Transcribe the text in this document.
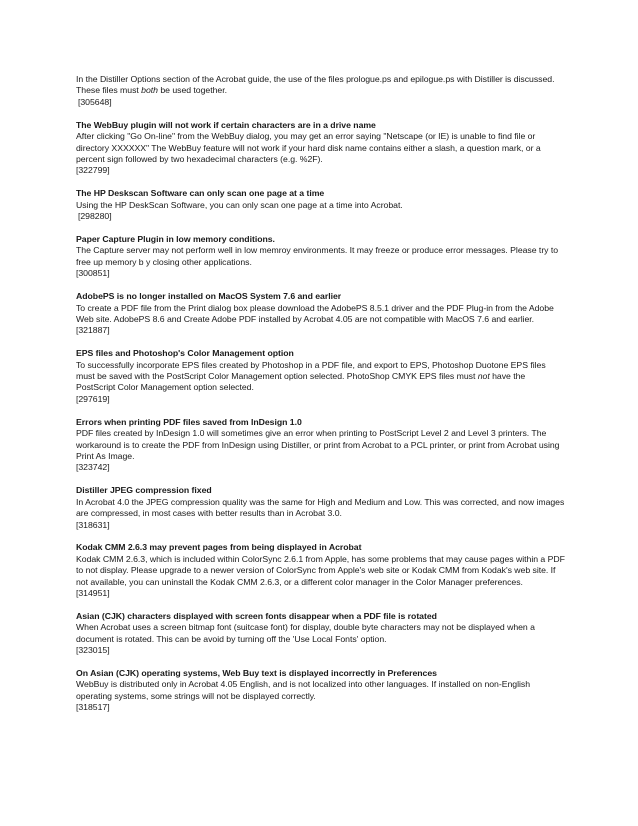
In the Distiller Options section of the Acrobat guide, the use of the files prologue.ps and epilogue.ps with Distiller is discussed. These files must both be used together.
[305648]
The WebBuy plugin will not work if certain characters are in a drive name
After clicking "Go On-line" from the WebBuy dialog, you may get an error saying "Netscape (or IE) is unable to find file or directory XXXXXX" The WebBuy feature will not work if your hard disk name contains either a slash, a question mark, or a percent sign followed by two hexadecimal characters (e.g. %2F).
[322799]
The HP Deskscan Software can only scan one page at a time
Using the HP DeskScan Software, you can only scan one page at a time into Acrobat.
[298280]
Paper Capture Plugin in low memory conditions.
The Capture server may not perform well in low memroy environments. It may freeze or produce error messages. Please try to free up memory b y closing other applications.
[300851]
AdobePS is no longer installed on MacOS System 7.6 and earlier
To create a PDF file from the Print dialog box please download the AdobePS 8.5.1 driver and the PDF Plug-in from the Adobe Web site. AdobePS 8.6 and Create Adobe PDF installed by Acrobat 4.05 are not compatible with MacOS 7.6 and earlier.
[321887]
EPS files and Photoshop's Color Management option
To successfully incorporate EPS files created by Photoshop in a PDF file, and export to EPS, Photoshop Duotone EPS files must be saved with the PostScript Color Management option selected. PhotoShop CMYK EPS files must not have the PostScript Color Management option selected.
[297619]
Errors when printing PDF files saved from InDesign 1.0
PDF files created by InDesign 1.0 will sometimes give an error when printing to PostScript Level 2 and Level 3 printers. The workaround is to create the PDF from InDesign using Distiller, or print from Acrobat to a PCL printer, or print from Acrobat using Print As Image.
[323742]
Distiller JPEG compression fixed
In Acrobat 4.0 the JPEG compression quality was the same for High and Medium and Low. This was corrected, and now images are compressed, in most cases with better results than in Acrobat 3.0.
[318631]
Kodak CMM 2.6.3 may prevent pages from being displayed in Acrobat
Kodak CMM 2.6.3, which is included within ColorSync 2.6.1 from Apple, has some problems that may cause pages within a PDF to not display. Please upgrade to a newer version of ColorSync from Apple's web site or Kodak CMM from Kodak's web site. If not available, you can uninstall the Kodak CMM 2.6.3, or a different color manager in the Color Manager preferences.
[314951]
Asian (CJK) characters displayed with screen fonts disappear when a PDF file is rotated
When Acrobat uses a screen bitmap font (suitcase font) for display, double byte characters may not be displayed when a document is rotated. This can be avoid by turning off the 'Use Local Fonts' option.
[323015]
On Asian (CJK) operating systems, Web Buy text is displayed incorrectly in Preferences
WebBuy is distributed only in Acrobat 4.05 English, and is not localized into other languages. If installed on non-English operating systems, some strings will not be displayed correctly.
[318517]
